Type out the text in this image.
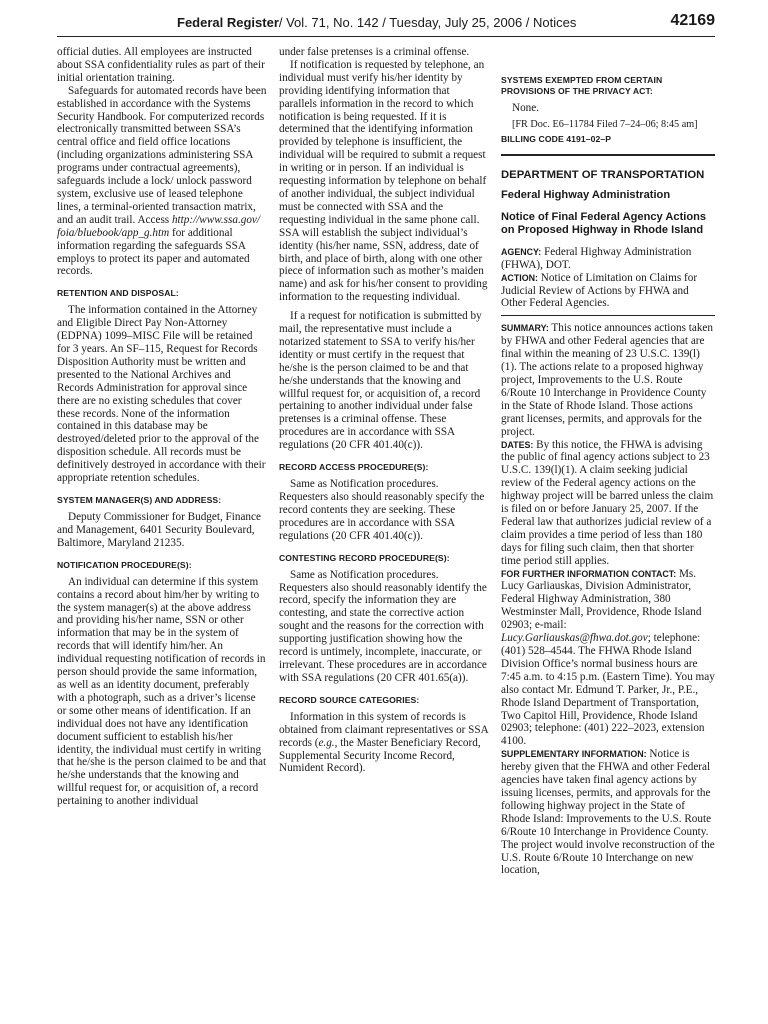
Federal Register/ Vol. 71, No. 142 / Tuesday, July 25, 2006 / Notices	42169

official duties. All employees are instructed about SSA confidentiality rules as part of their initial orientation training.

Safeguards for automated records have been established in accordance with the Systems Security Handbook. For computerized records electronically transmitted between SSA’s central office and field office locations (including organizations administering SSA programs under contractual agreements), safeguards include a lock/ unlock password system, exclusive use of leased telephone lines, a terminal-oriented transaction matrix, and an audit trail. Access http://www.ssa.gov/ foia/bluebook/app_g.htm for additional information regarding the safeguards SSA employs to protect its paper and automated records.

RETENTION AND DISPOSAL:

The information contained in the Attorney and Eligible Direct Pay Non-Attorney (EDPNA) 1099–MISC File will be retained for 3 years. An SF–115, Request for Records Disposition Authority must be written and presented to the National Archives and Records Administration for approval since there are no existing schedules that cover these records. None of the information contained in this database may be destroyed/deleted prior to the approval of the disposition schedule. All records must be definitively destroyed in accordance with their appropriate retention schedules.

SYSTEM MANAGER(S) AND ADDRESS:

Deputy Commissioner for Budget, Finance and Management, 6401 Security Boulevard, Baltimore, Maryland 21235.

NOTIFICATION PROCEDURE(S):

An individual can determine if this system contains a record about him/her by writing to the system manager(s) at the above address and providing his/her name, SSN or other information that may be in the system of records that will identify him/her. An individual requesting notification of records in person should provide the same information, as well as an identity document, preferably with a photograph, such as a driver’s license or some other means of identification. If an individual does not have any identification document sufficient to establish his/her identity, the individual must certify in writing that he/she is the person claimed to be and that he/she understands that the knowing and willful request for, or acquisition of, a record pertaining to another individual

under false pretenses is a criminal offense.

If notification is requested by telephone, an individual must verify his/her identity by providing identifying information that parallels information in the record to which notification is being requested. If it is determined that the identifying information provided by telephone is insufficient, the individual will be required to submit a request in writing or in person. If an individual is requesting information by telephone on behalf of another individual, the subject individual must be connected with SSA and the requesting individual in the same phone call. SSA will establish the subject individual’s identity (his/her name, SSN, address, date of birth, and place of birth, along with one other piece of information such as mother’s maiden name) and ask for his/her consent to providing information to the requesting individual.

If a request for notification is submitted by mail, the representative must include a notarized statement to SSA to verify his/her identity or must certify in the request that he/she is the person claimed to be and that he/she understands that the knowing and willful request for, or acquisition of, a record pertaining to another individual under false pretenses is a criminal offense. These procedures are in accordance with SSA regulations (20 CFR 401.40(c)).

RECORD ACCESS PROCEDURE(S):

Same as Notification procedures. Requesters also should reasonably specify the record contents they are seeking. These procedures are in accordance with SSA regulations (20 CFR 401.40(c)).

CONTESTING RECORD PROCEDURE(S):

Same as Notification procedures. Requesters also should reasonably identify the record, specify the information they are contesting, and state the corrective action sought and the reasons for the correction with supporting justification showing how the record is untimely, incomplete, inaccurate, or irrelevant. These procedures are in accordance with SSA regulations (20 CFR 401.65(a)).

RECORD SOURCE CATEGORIES:

Information in this system of records is obtained from claimant representatives or SSA records (e.g., the Master Beneficiary Record, Supplemental Security Income Record, Numident Record).

SYSTEMS EXEMPTED FROM CERTAIN PROVISIONS OF THE PRIVACY ACT:

None.

[FR Doc. E6–11784 Filed 7–24–06; 8:45 am]

BILLING CODE 4191–02–P
DEPARTMENT OF TRANSPORTATION
Federal Highway Administration
Notice of Final Federal Agency Actions on Proposed Highway in Rhode Island

AGENCY: Federal Highway Administration (FHWA), DOT.

ACTION: Notice of Limitation on Claims for Judicial Review of Actions by FHWA and Other Federal Agencies.

SUMMARY: This notice announces actions taken by FHWA and other Federal agencies that are final within the meaning of 23 U.S.C. 139(l)(1). The actions relate to a proposed highway project, Improvements to the U.S. Route 6/Route 10 Interchange in Providence County in the State of Rhode Island. Those actions grant licenses, permits, and approvals for the project.

DATES: By this notice, the FHWA is advising the public of final agency actions subject to 23 U.S.C. 139(l)(1). A claim seeking judicial review of the Federal agency actions on the highway project will be barred unless the claim is filed on or before January 25, 2007. If the Federal law that authorizes judicial review of a claim provides a time period of less than 180 days for filing such claim, then that shorter time period still applies.

FOR FURTHER INFORMATION CONTACT: Ms. Lucy Garliauskas, Division Administrator, Federal Highway Administration, 380 Westminster Mall, Providence, Rhode Island 02903; e-mail: Lucy.Garliauskas@fhwa.dot.gov; telephone: (401) 528–4544. The FHWA Rhode Island Division Office’s normal business hours are 7:45 a.m. to 4:15 p.m. (Eastern Time). You may also contact Mr. Edmund T. Parker, Jr., P.E., Rhode Island Department of Transportation, Two Capitol Hill, Providence, Rhode Island 02903; telephone: (401) 222–2023, extension 4100.

SUPPLEMENTARY INFORMATION: Notice is hereby given that the FHWA and other Federal agencies have taken final agency actions by issuing licenses, permits, and approvals for the following highway project in the State of Rhode Island: Improvements to the U.S. Route 6/Route 10 Interchange in Providence County. The project would involve reconstruction of the U.S. Route 6/Route 10 Interchange on new location,
